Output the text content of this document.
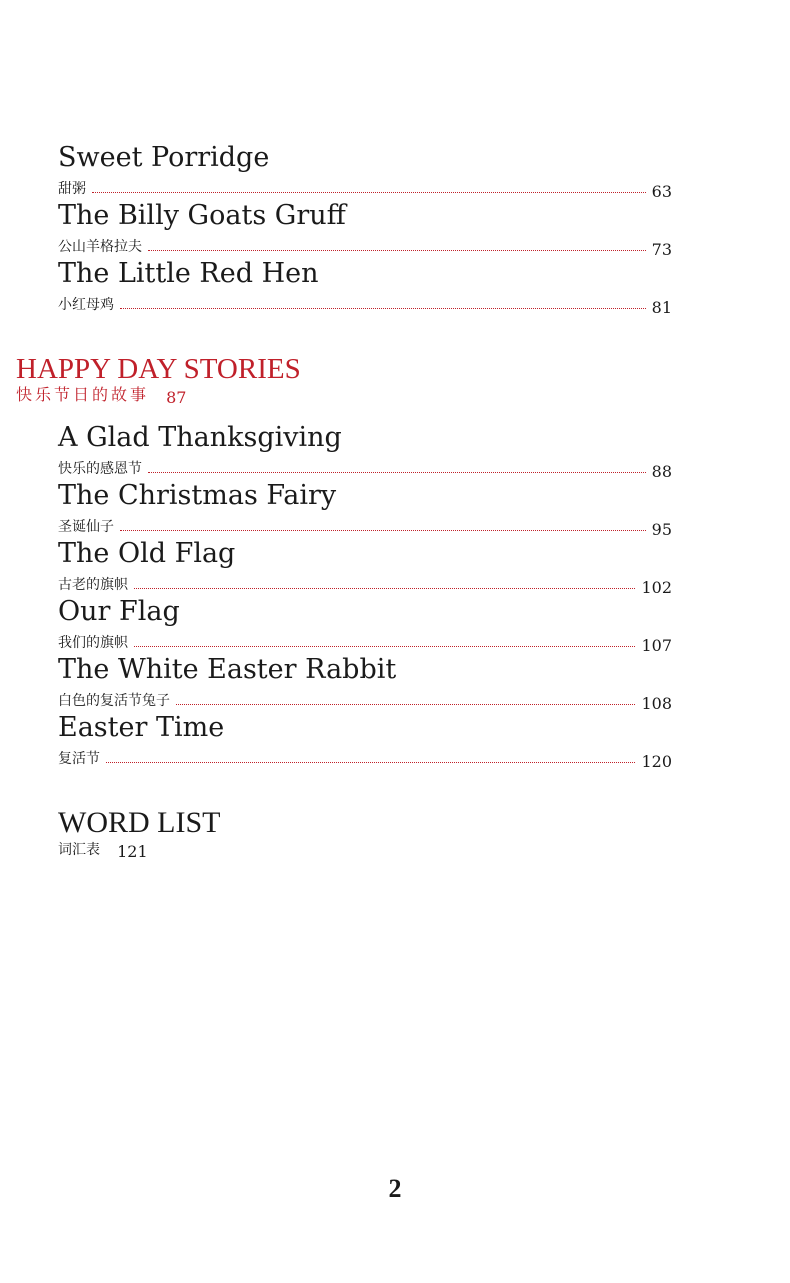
Sweet Porridge
甜粥	63
The Billy Goats Gruff
公山羊格拉夫	73
The Little Red Hen
小红母鸡	81
HAPPY DAY STORIES
快乐节日的故事 87
A Glad Thanksgiving
快乐的感恩节	88
The Christmas Fairy
圣诞仙子	95
The Old Flag
古老的旗帜	102
Our Flag
我们的旗帜	107
The White Easter Rabbit
白色的复活节兔子	108
Easter Time
复活节	120
WORD LIST
词汇表 121
2
